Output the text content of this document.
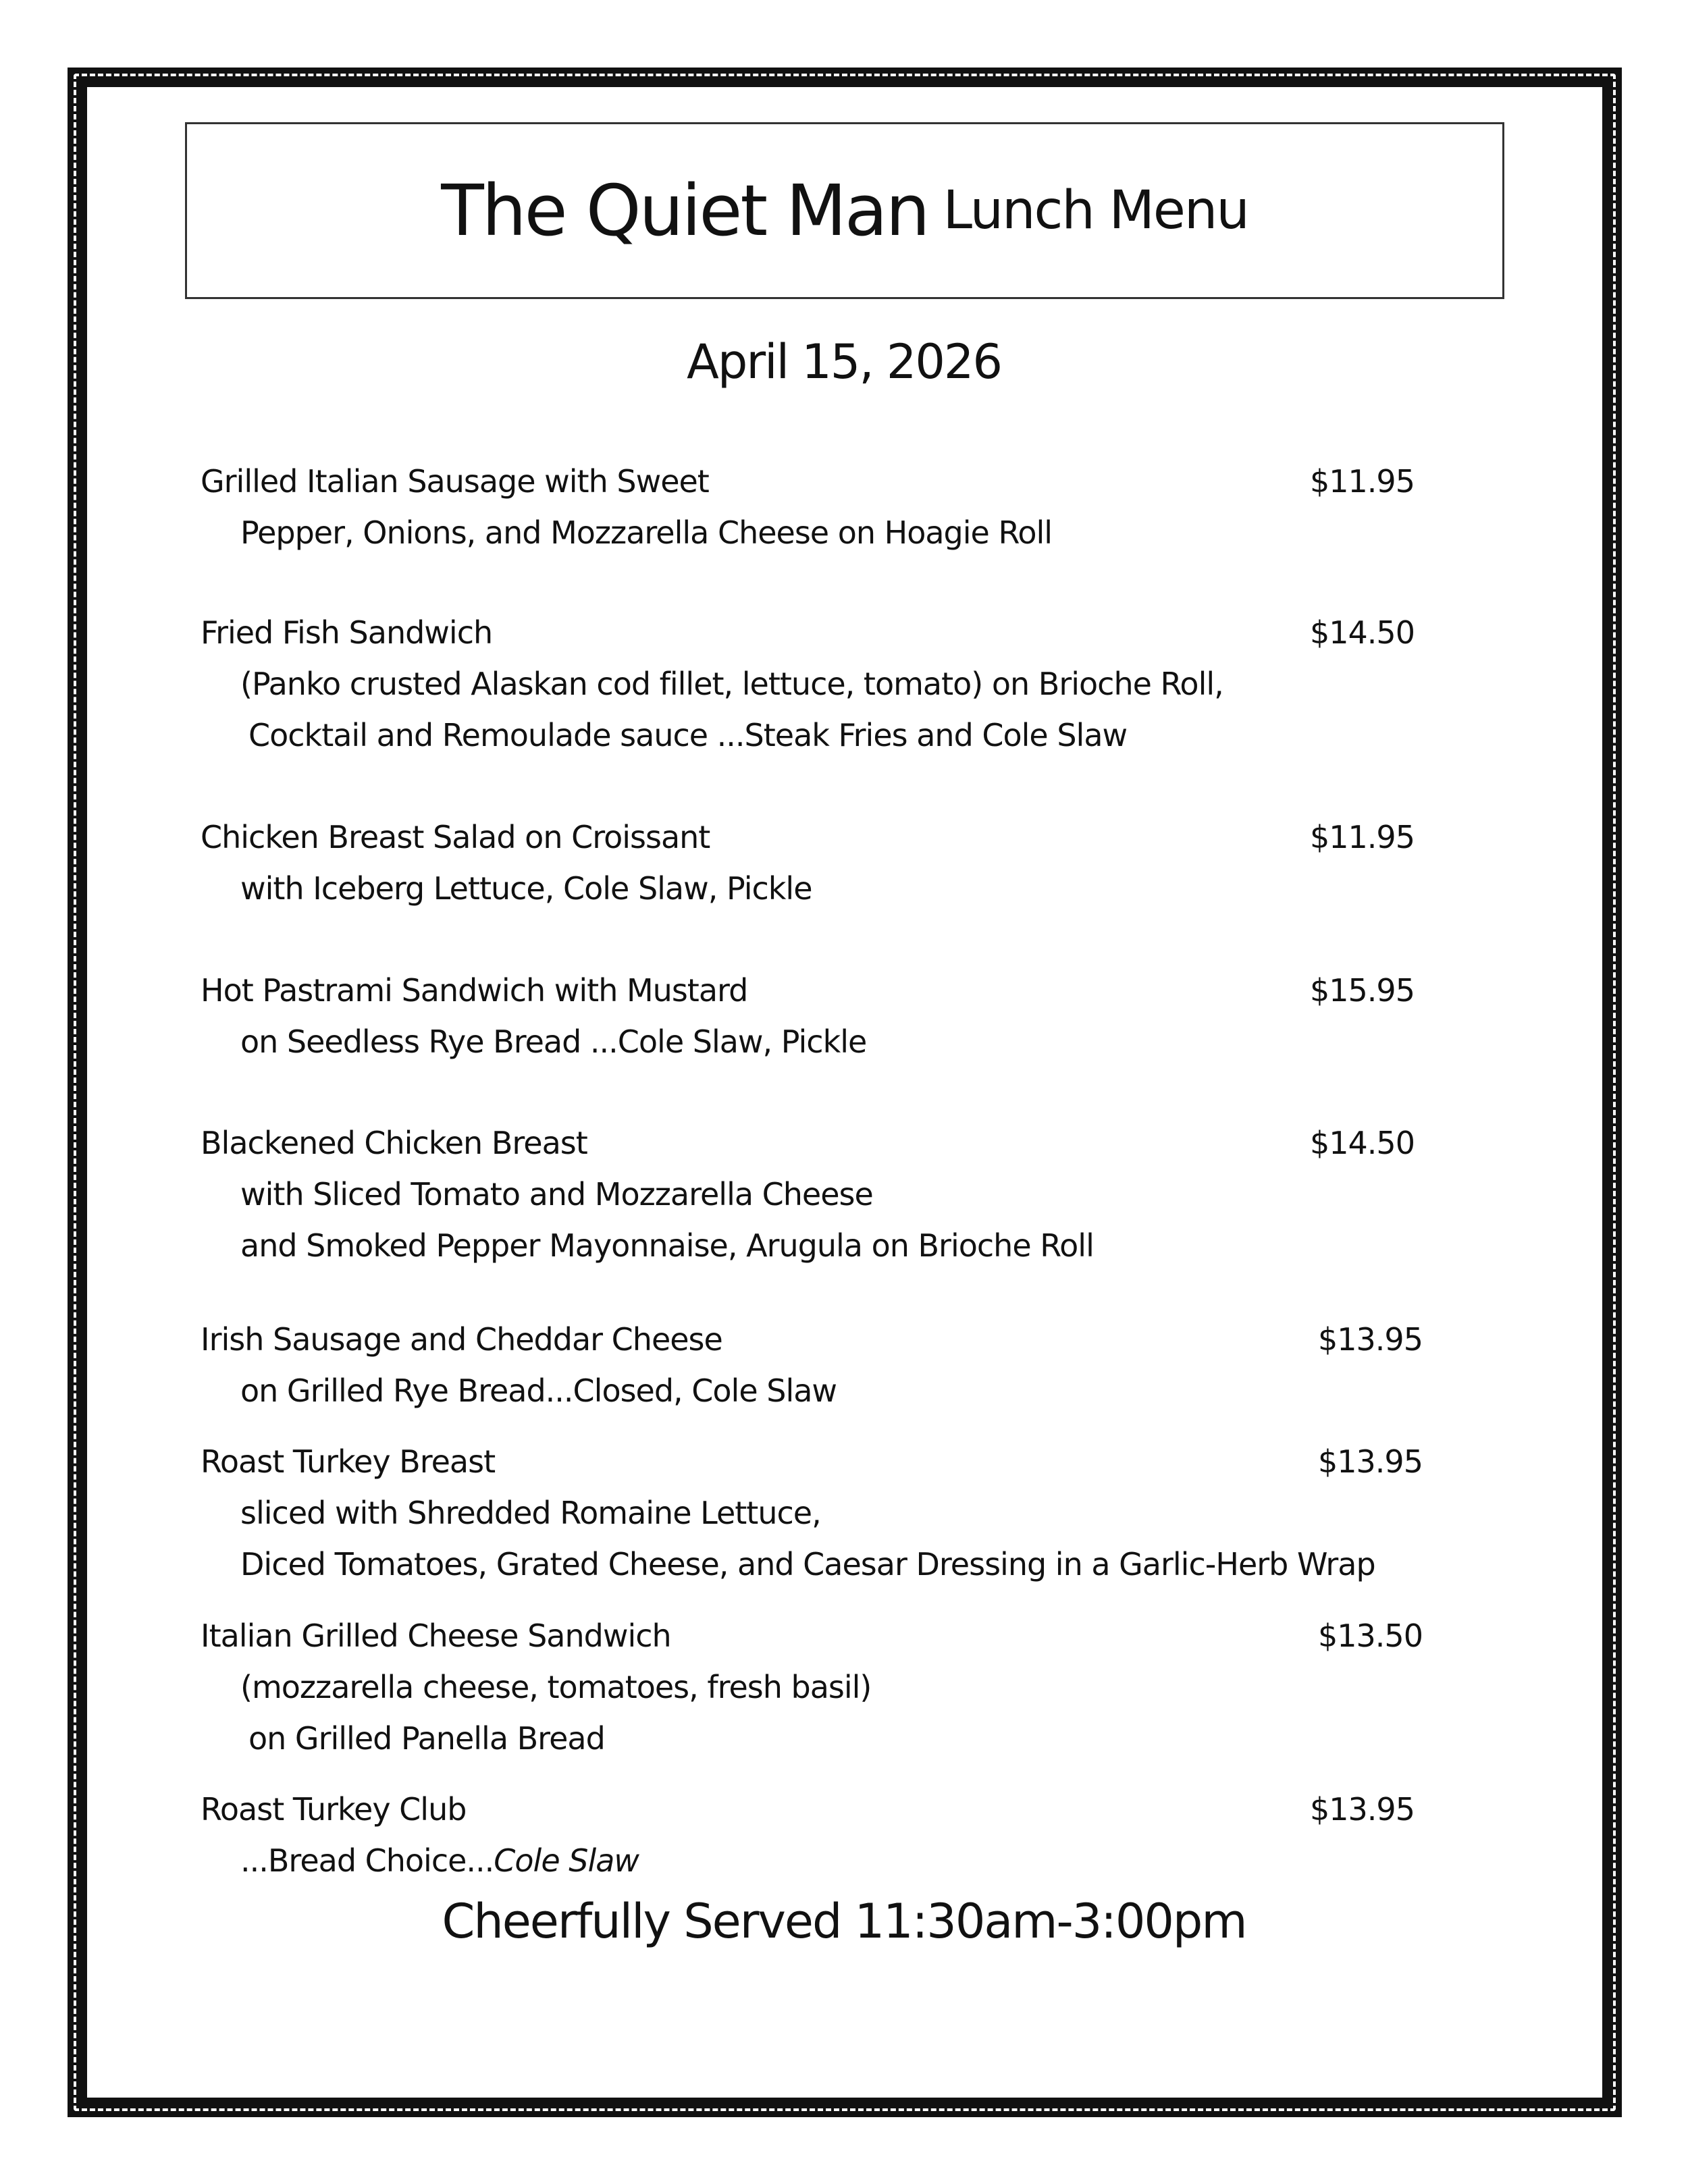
The Quiet Man Lunch Menu
April 15, 2026
Grilled Italian Sausage with Sweet	$11.95
Pepper, Onions, and Mozzarella Cheese on Hoagie Roll
Fried Fish Sandwich	$14.50
(Panko crusted Alaskan cod fillet, lettuce, tomato) on Brioche Roll,
Cocktail and Remoulade sauce ...Steak Fries and Cole Slaw
Chicken Breast Salad on Croissant	$11.95
with Iceberg Lettuce, Cole Slaw, Pickle
Hot Pastrami Sandwich with Mustard	$15.95
on Seedless Rye Bread ...Cole Slaw, Pickle
Blackened Chicken Breast	$14.50
with Sliced Tomato and Mozzarella Cheese
and Smoked Pepper Mayonnaise, Arugula on Brioche Roll
Irish Sausage and Cheddar Cheese	$13.95
on Grilled Rye Bread...Closed, Cole Slaw
Roast Turkey Breast	$13.95
sliced with Shredded Romaine Lettuce,
Diced Tomatoes, Grated Cheese, and Caesar Dressing in a Garlic-Herb Wrap
Italian Grilled Cheese Sandwich	$13.50
(mozzarella cheese, tomatoes, fresh basil)
on Grilled Panella Bread
Roast Turkey Club	$13.95
...Bread Choice...Cole Slaw
Cheerfully Served 11:30am-3:00pm
